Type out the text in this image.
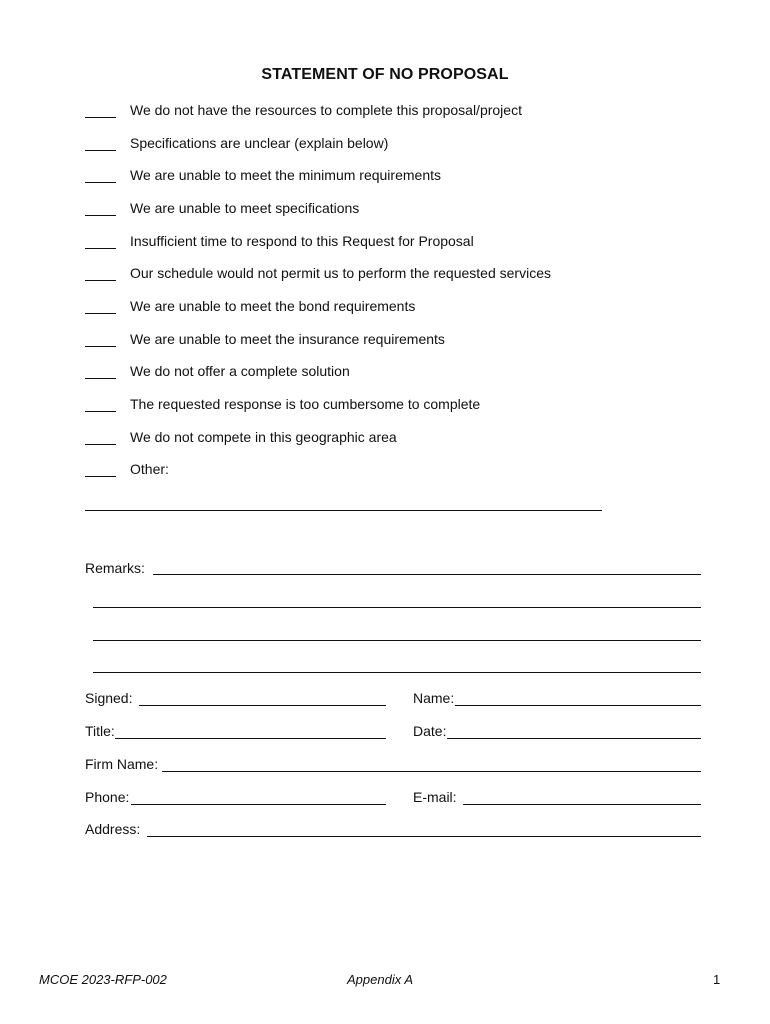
STATEMENT OF NO PROPOSAL
We do not have the resources to complete this proposal/project
Specifications are unclear (explain below)
We are unable to meet the minimum requirements
We are unable to meet specifications
Insufficient time to respond to this Request for Proposal
Our schedule would not permit us to perform the requested services
We are unable to meet the bond requirements
We are unable to meet the insurance requirements
We do not offer a complete solution
The requested response is too cumbersome to complete
We do not compete in this geographic area
Other:
Remarks:
Signed:	Name:
Title:	Date:
Firm Name:
Phone:	E-mail:
Address:
MCOE 2023-RFP-002	Appendix A	1
